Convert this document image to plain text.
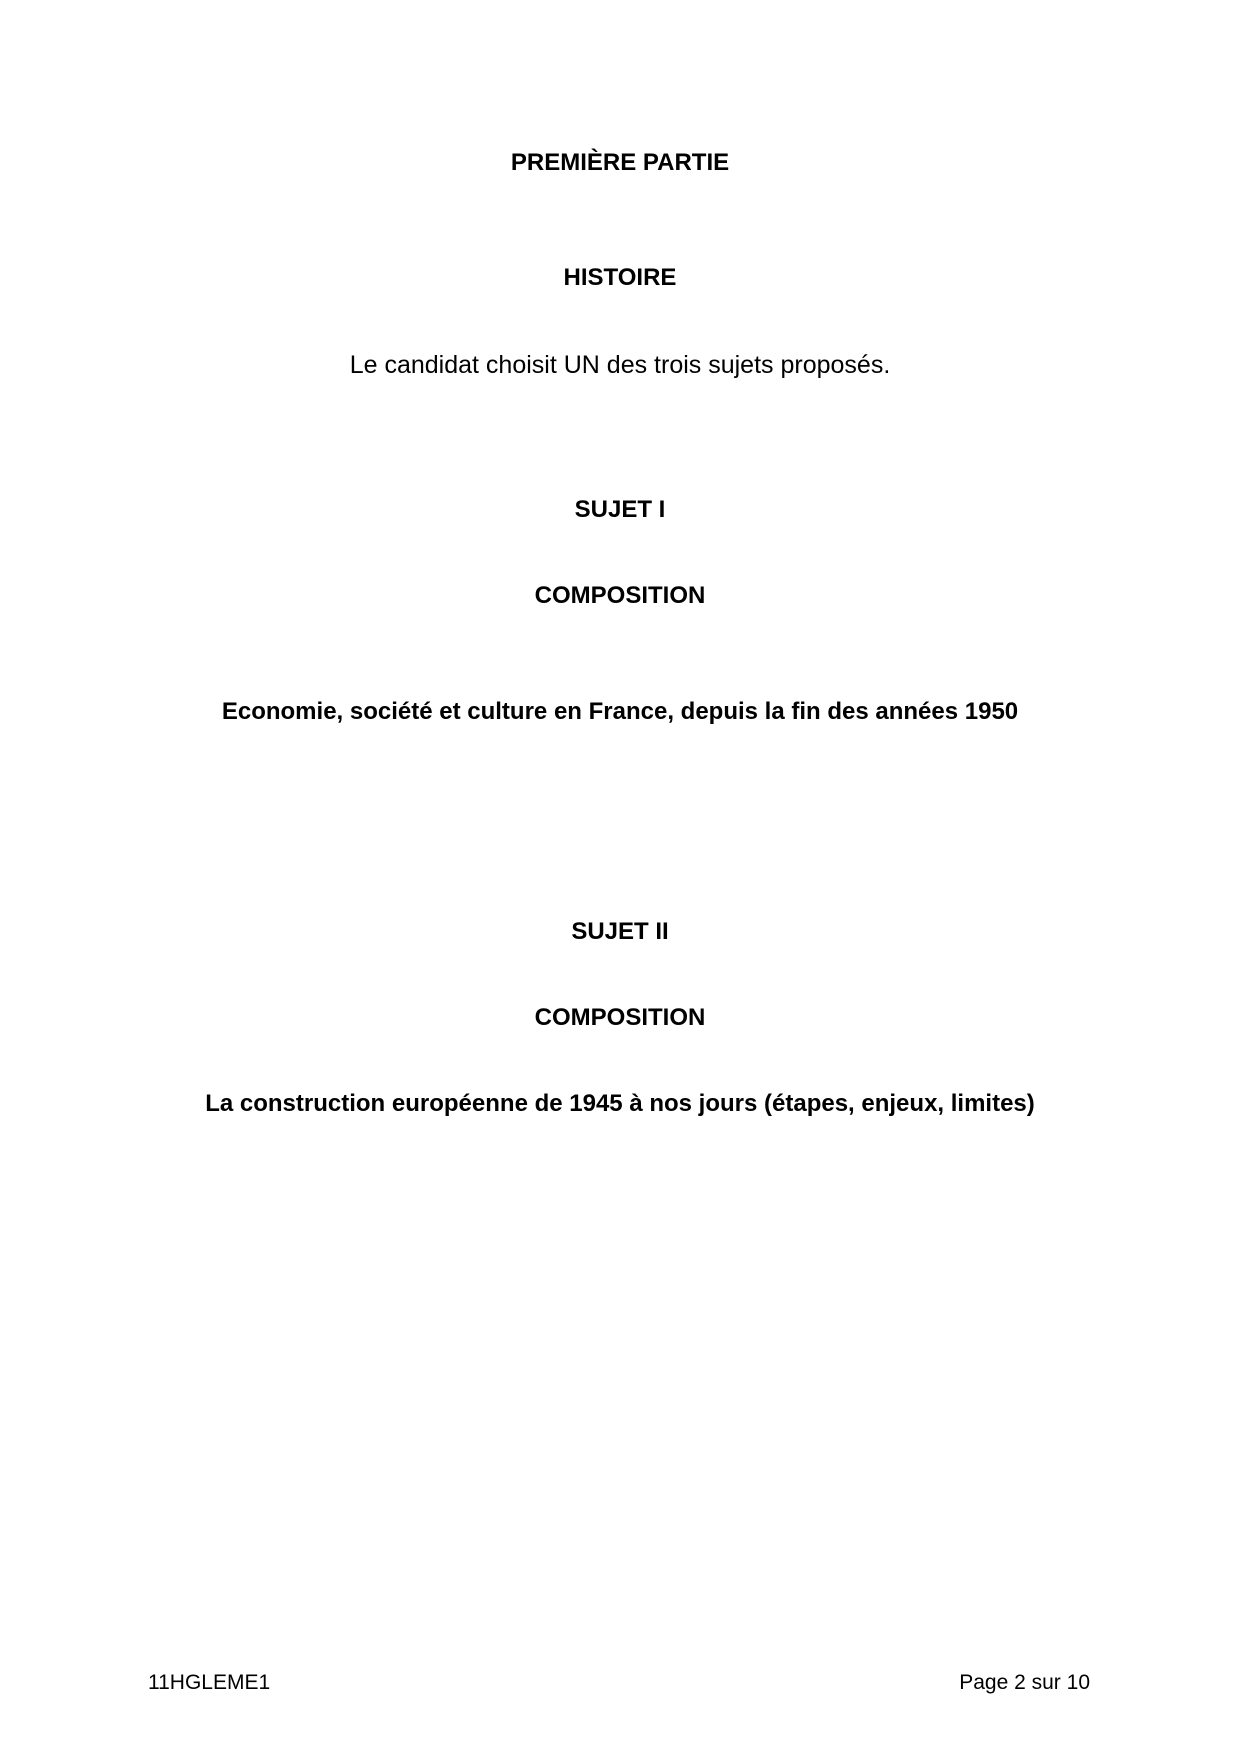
PREMIÈRE PARTIE
HISTOIRE
Le candidat choisit UN des trois sujets proposés.
SUJET I
COMPOSITION
Economie, société et culture en France, depuis la fin des années 1950
SUJET II
COMPOSITION
La construction européenne de 1945 à nos jours (étapes, enjeux, limites)
11HGLEME1	Page 2 sur 10
